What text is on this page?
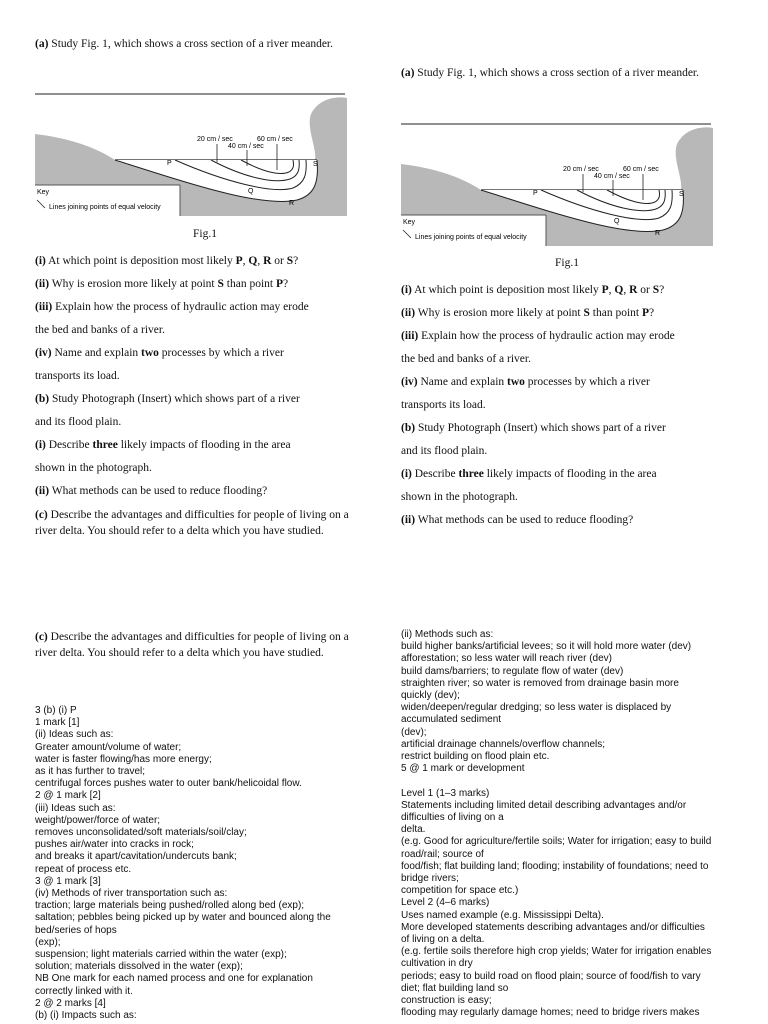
(a) Study Fig. 1, which shows a cross section of a river meander.

20 cm / sec
40 cm / sec
60 cm / sec
P	S
Q
R
Key
Lines joining points of equal velocity

Fig.1

(i) At which point is deposition most likely P, Q, R or S?

(ii) Why is erosion more likely at point S than point P?

(iii) Explain how the process of hydraulic action may erode

the bed and banks of a river.

(iv) Name and explain two processes by which a river

transports its load.

(b) Study Photograph (Insert) which shows part of a river

and its flood plain.

(i) Describe three likely impacts of flooding in the area

shown in the photograph.

(ii) What methods can be used to reduce flooding?

(c) Describe the advantages and difficulties for people of living on a river delta. You should refer to a delta which you have studied.

(a) Study Fig. 1, which shows a cross section of a river meander.

20 cm / sec
40 cm / sec
60 cm / sec
P	S
Q
R
Key
Lines joining points of equal velocity

Fig.1

(i) At which point is deposition most likely P, Q, R or S?

(ii) Why is erosion more likely at point S than point P?

(iii) Explain how the process of hydraulic action may erode

the bed and banks of a river.

(iv) Name and explain two processes by which a river

transports its load.

(b) Study Photograph (Insert) which shows part of a river

and its flood plain.

(i) Describe three likely impacts of flooding in the area

shown in the photograph.

(ii) What methods can be used to reduce flooding?

(c) Describe the advantages and difficulties for people of living on a river delta. You should refer to a delta which you have studied.

3 (b) (i) P
1 mark [1]
(ii) Ideas such as:
Greater amount/volume of water;
water is faster flowing/has more energy;
as it has further to travel;
centrifugal forces pushes water to outer bank/helicoidal flow.
2 @ 1 mark [2]
(iii) Ideas such as:
weight/power/force of water;
removes unconsolidated/soft materials/soil/clay;
pushes air/water into cracks in rock;
and breaks it apart/cavitation/undercuts bank;
repeat of process etc.
3 @ 1 mark [3]
(iv) Methods of river transportation such as:
traction; large materials being pushed/rolled along bed (exp);
saltation; pebbles being picked up by water and bounced along the
bed/series of hops
(exp);
suspension; light materials carried within the water (exp);
solution; materials dissolved in the water (exp);
NB One mark for each named process and one for explanation
correctly linked with it.
2 @ 2 marks [4]
(b) (i) Impacts such as:
(ii) Methods such as:
build higher banks/artificial levees; so it will hold more water (dev)
afforestation; so less water will reach river (dev)
build dams/barriers; to regulate flow of water (dev)
straighten river; so water is removed from drainage basin more
quickly (dev);
widen/deepen/regular dredging; so less water is displaced by
accumulated sediment
(dev);
artificial drainage channels/overflow channels;
restrict building on flood plain etc.
5 @ 1 mark or development

Level 1 (1–3 marks)
Statements including limited detail describing advantages and/or
difficulties of living on a
delta.
(e.g. Good for agriculture/fertile soils; Water for irrigation; easy to build
road/rail; source of
food/fish; flat building land; flooding; instability of foundations; need to
bridge rivers;
competition for space etc.)
Level 2 (4–6 marks)
Uses named example (e.g. Mississippi Delta).
More developed statements describing advantages and/or difficulties
of living on a delta.
(e.g. fertile soils therefore high crop yields; Water for irrigation enables
cultivation in dry
periods; easy to build road on flood plain; source of food/fish to vary
diet; flat building land so
construction is easy;
flooding may regularly damage homes; need to bridge rivers makes
